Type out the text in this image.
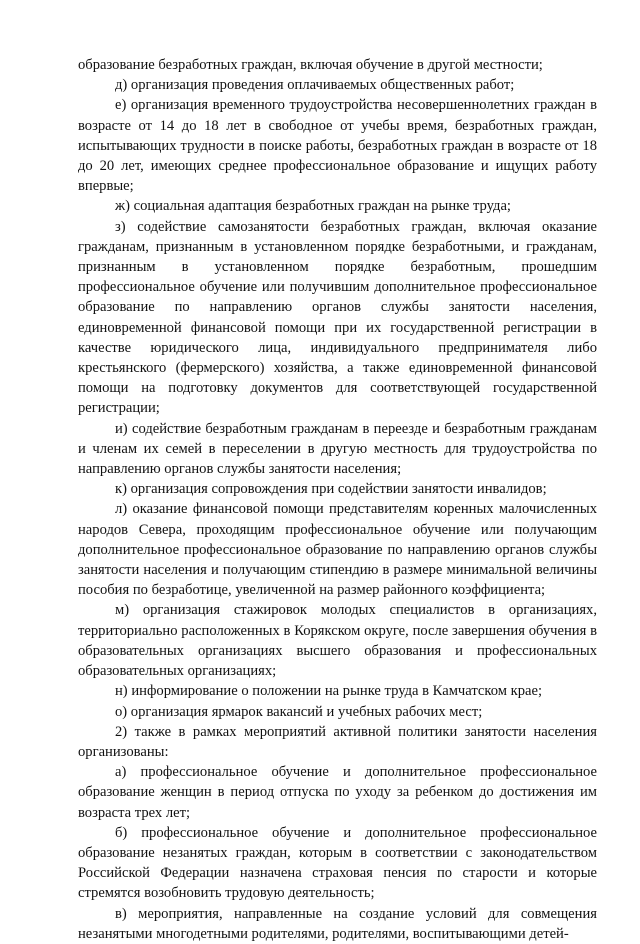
образование безработных граждан, включая обучение в другой местности;

д) организация проведения оплачиваемых общественных работ;

е) организация временного трудоустройства несовершеннолетних граждан в возрасте от 14 до 18 лет в свободное от учебы время, безработных граждан, испытывающих трудности в поиске работы, безработных граждан в возрасте от 18 до 20 лет, имеющих среднее профессиональное образование и ищущих работу впервые;

ж) социальная адаптация безработных граждан на рынке труда;

з) содействие самозанятости безработных граждан, включая оказание гражданам, признанным в установленном порядке безработными, и гражданам, признанным в установленном порядке безработным, прошедшим профессиональное обучение или получившим дополнительное профессиональное образование по направлению органов службы занятости населения, единовременной финансовой помощи при их государственной регистрации в качестве юридического лица, индивидуального предпринимателя либо крестьянского (фермерского) хозяйства, а также единовременной финансовой помощи на подготовку документов для соответствующей государственной регистрации;

и) содействие безработным гражданам в переезде и безработным гражданам и членам их семей в переселении в другую местность для трудоустройства по направлению органов службы занятости населения;

к) организация сопровождения при содействии занятости инвалидов;

л) оказание финансовой помощи представителям коренных малочисленных народов Севера, проходящим профессиональное обучение или получающим дополнительное профессиональное образование по направлению органов службы занятости населения и получающим стипендию в размере минимальной величины пособия по безработице, увеличенной на размер районного коэффициента;

м) организация стажировок молодых специалистов в организациях, территориально расположенных в Корякском округе, после завершения обучения в образовательных организациях высшего образования и профессиональных образовательных организациях;

н) информирование о положении на рынке труда в Камчатском крае;

о) организация ярмарок вакансий и учебных рабочих мест;

2) также в рамках мероприятий активной политики занятости населения организованы:

а) профессиональное обучение и дополнительное профессиональное образование женщин в период отпуска по уходу за ребенком до достижения им возраста трех лет;

б) профессиональное обучение и дополнительное профессиональное образование незанятых граждан, которым в соответствии с законодательством Российской Федерации назначена страховая пенсия по старости и которые стремятся возобновить трудовую деятельность;

в) мероприятия, направленные на создание условий для совмещения незанятыми многодетными родителями, родителями, воспитывающими детей-
